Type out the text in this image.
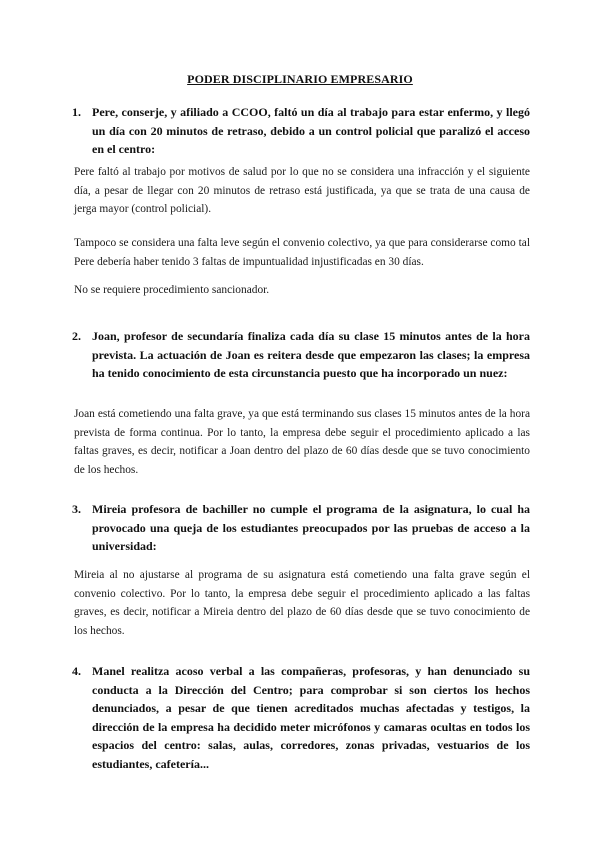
PODER DISCIPLINARIO EMPRESARIO
1. Pere, conserje, y afiliado a CCOO, faltó un día al trabajo para estar enfermo, y llegó un día con 20 minutos de retraso, debido a un control policial que paralizó el acceso en el centro:
Pere faltó al trabajo por motivos de salud por lo que no se considera una infracción y el siguiente día, a pesar de llegar con 20 minutos de retraso está justificada, ya que se trata de una causa de jerga mayor (control policial).
Tampoco se considera una falta leve según el convenio colectivo, ya que para considerarse como tal Pere debería haber tenido 3 faltas de impuntualidad injustificadas en 30 días.
No se requiere procedimiento sancionador.
2. Joan, profesor de secundaría finaliza cada día su clase 15 minutos antes de la hora prevista. La actuación de Joan es reitera desde que empezaron las clases; la empresa ha tenido conocimiento de esta circunstancia puesto que ha incorporado un nuez:
Joan está cometiendo una falta grave, ya que está terminando sus clases 15 minutos antes de la hora prevista de forma continua. Por lo tanto, la empresa debe seguir el procedimiento aplicado a las faltas graves, es decir, notificar a Joan dentro del plazo de 60 días desde que se tuvo conocimiento de los hechos.
3. Mireia profesora de bachiller no cumple el programa de la asignatura, lo cual ha provocado una queja de los estudiantes preocupados por las pruebas de acceso a la universidad:
Mireia al no ajustarse al programa de su asignatura está cometiendo una falta grave según el convenio colectivo. Por lo tanto, la empresa debe seguir el procedimiento aplicado a las faltas graves, es decir, notificar a Mireia dentro del plazo de 60 días desde que se tuvo conocimiento de los hechos.
4. Manel realitza acoso verbal a las compañeras, profesoras, y han denunciado su conducta a la Dirección del Centro; para comprobar si son ciertos los hechos denunciados, a pesar de que tienen acreditados muchas afectadas y testigos, la dirección de la empresa ha decidido meter micrófonos y camaras ocultas en todos los espacios del centro: salas, aulas, corredores, zonas privadas, vestuarios de los estudiantes, cafetería...
